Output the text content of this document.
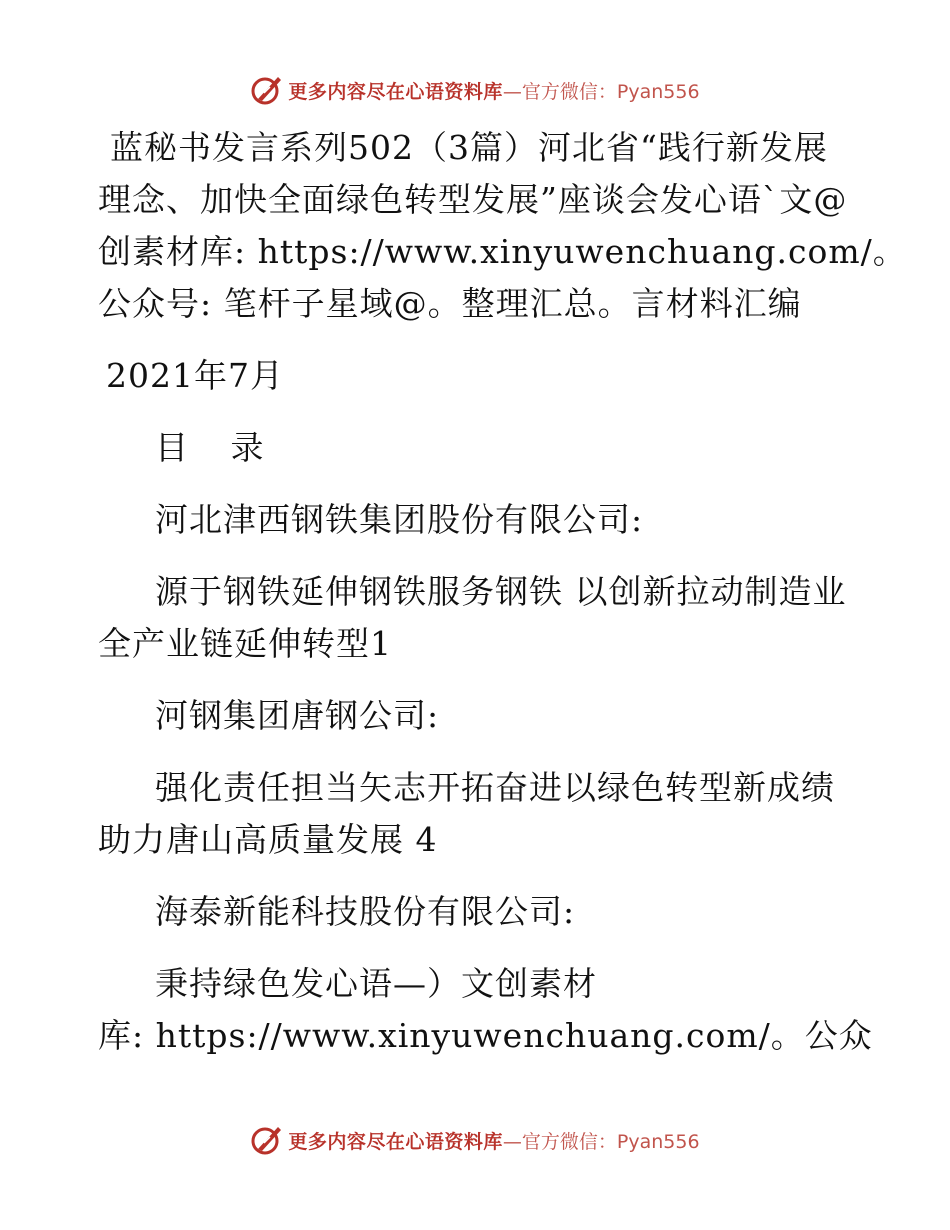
更多内容尽在心语资料库 —官方微信：Pyan556
蓝秘书发言系列502（3篇）河北省“践行新发展
理念、加快全面绿色转型发展”座谈会发心语`文@
创素材库: https://www.xinyuwenchuang.com/。
公众号: 笔杆子星域@。整理汇总。言材料汇编
2021年7月
目 录
河北津西钢铁集团股份有限公司:
源于钢铁延伸钢铁服务钢铁 以创新拉动制造业
全产业链延伸转型1
河钢集团唐钢公司:
强化责任担当矢志开拓奋进以绿色转型新成绩
助力唐山高质量发展 4
海泰新能科技股份有限公司:
秉持绿色发心语—）文创素材
库: https://www.xinyuwenchuang.com/。公众
更多内容尽在心语资料库 —官方微信：Pyan556
